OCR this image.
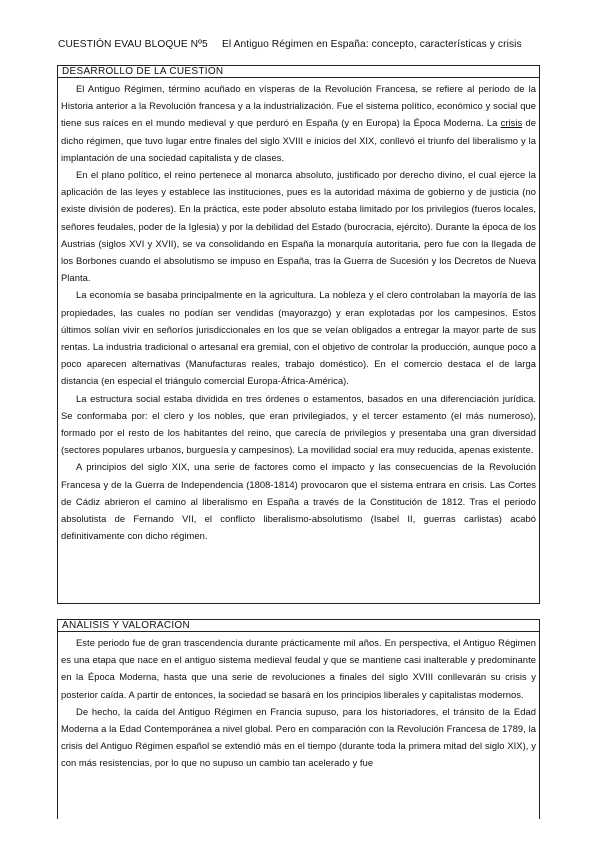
CUESTIÓN EVAU BLOQUE Nº5 El Antiguo Régimen en España: concepto, características y crisis
DESARROLLO DE LA CUESTIÓN

El Antiguo Régimen, término acuñado en vísperas de la Revolución Francesa, se refiere al periodo de la Historia anterior a la Revolución francesa y a la industrialización. Fue el sistema político, económico y social que tiene sus raíces en el mundo medieval y que perduró en España (y en Europa) la Época Moderna. La crisis de dicho régimen, que tuvo lugar entre finales del siglo XVIII e inicios del XIX, conllevó el triunfo del liberalismo y la implantación de una sociedad capitalista y de clases.

En el plano político, el reino pertenece al monarca absoluto, justificado por derecho divino, el cual ejerce la aplicación de las leyes y establece las instituciones, pues es la autoridad máxima de gobierno y de justicia (no existe división de poderes). En la práctica, este poder absoluto estaba limitado por los privilegios (fueros locales, señores feudales, poder de la Iglesia) y por la debilidad del Estado (burocracia, ejército). Durante la época de los Austrias (siglos XVI y XVII), se va consolidando en España la monarquía autoritaria, pero fue con la llegada de los Borbones cuando el absolutismo se impuso en España, tras la Guerra de Sucesión y los Decretos de Nueva Planta.

La economía se basaba principalmente en la agricultura. La nobleza y el clero controlaban la mayoría de las propiedades, las cuales no podían ser vendidas (mayorazgo) y eran explotadas por los campesinos. Estos últimos solían vivir en señoríos jurisdiccionales en los que se veían obligados a entregar la mayor parte de sus rentas. La industria tradicional o artesanal era gremial, con el objetivo de controlar la producción, aunque poco a poco aparecen alternativas (Manufacturas reales, trabajo doméstico). En el comercio destaca el de larga distancia (en especial el triángulo comercial Europa-África-América).

La estructura social estaba dividida en tres órdenes o estamentos, basados en una diferenciación jurídica. Se conformaba por: el clero y los nobles, que eran privilegiados, y el tercer estamento (el más numeroso), formado por el resto de los habitantes del reino, que carecía de privilegios y presentaba una gran diversidad (sectores populares urbanos, burguesía y campesinos). La movilidad social era muy reducida, apenas existente.

A principios del siglo XIX, una serie de factores como el impacto y las consecuencias de la Revolución Francesa y de la Guerra de Independencia (1808-1814) provocaron que el sistema entrara en crisis. Las Cortes de Cádiz abrieron el camino al liberalismo en España a través de la Constitución de 1812. Tras el periodo absolutista de Fernando VII, el conflicto liberalismo-absolutismo (Isabel II, guerras carlistas) acabó definitivamente con dicho régimen.

ANÁLISIS Y VALORACIÓN

Este periodo fue de gran trascendencia durante prácticamente mil años. En perspectiva, el Antiguo Régimen es una etapa que nace en el antiguo sistema medieval feudal y que se mantiene casi inalterable y predominante en la Época Moderna, hasta que una serie de revoluciones a finales del siglo XVIII conllevarán su crisis y posterior caída. A partir de entonces, la sociedad se basará en los principios liberales y capitalistas modernos.

De hecho, la caída del Antiguo Régimen en Francia supuso, para los historiadores, el tránsito de la Edad Moderna a la Edad Contemporánea a nivel global. Pero en comparación con la Revolución Francesa de 1789, la crisis del Antiguo Régimen español se extendió más en el tiempo (durante toda la primera mitad del siglo XIX), y con más resistencias, por lo que no supuso un cambio tan acelerado y fue
